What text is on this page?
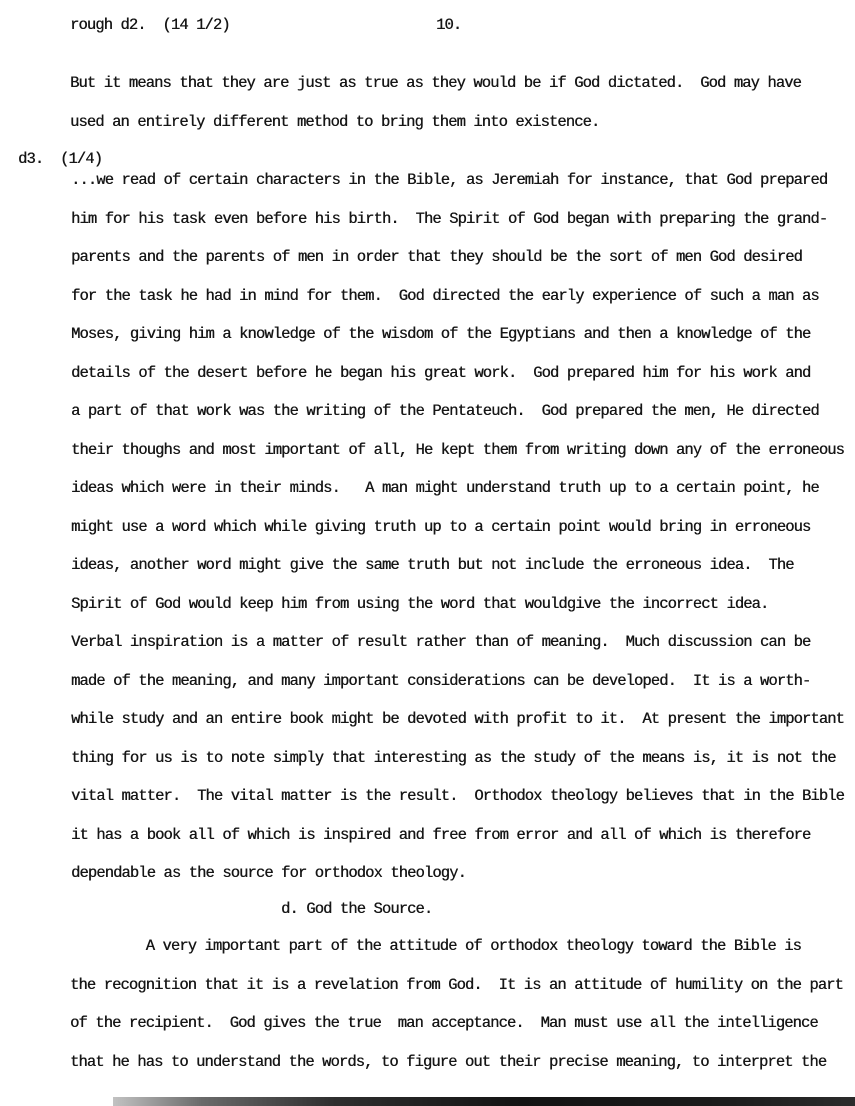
rough d2.  (14 1/2)	10.
But it means that they are just as true as they would be if God dictated.  God may have
used an entirely different method to bring them into existence.
d3.  (1/4)
...we read of certain characters in the Bible, as Jeremiah for instance, that God prepared
him for his task even before his birth.  The Spirit of God began with preparing the grand-
parents and the parents of men in order that they should be the sort of men God desired
for the task he had in mind for them.  God directed the early experience of such a man as
Moses, giving him a knowledge of the wisdom of the Egyptians and then a knowledge of the
details of the desert before he began his great work.  God prepared him for his work and
a part of that work was the writing of the Pentateuch.  God prepared the men, He directed
their thoughs and most important of all, He kept them from writing down any of the erroneous
ideas which were in their minds.   A man might understand truth up to a certain point, he
might use a word which while giving truth up to a certain point would bring in erroneous
ideas, another word might give the same truth but not include the erroneous idea.  The
Spirit of God would keep him from using the word that wouldgive the incorrect idea.
Verbal inspiration is a matter of result rather than of meaning.  Much discussion can be
made of the meaning, and many important considerations can be developed.  It is a worth-
while study and an entire book might be devoted with profit to it.  At present the important
thing for us is to note simply that interesting as the study of the means is, it is not the
vital matter.  The vital matter is the result.  Orthodox theology believes that in the Bible
it has a book all of which is inspired and free from error and all of which is therefore
dependable as the source for orthodox theology.
d. God the Source.
A very important part of the attitude of orthodox theology toward the Bible is
the recognition that it is a revelation from God.  It is an attitude of humility on the part
of the recipient.  God gives the true  man acceptance.  Man must use all the intelligence
that he has to understand the words, to figure out their precise meaning, to interpret the
